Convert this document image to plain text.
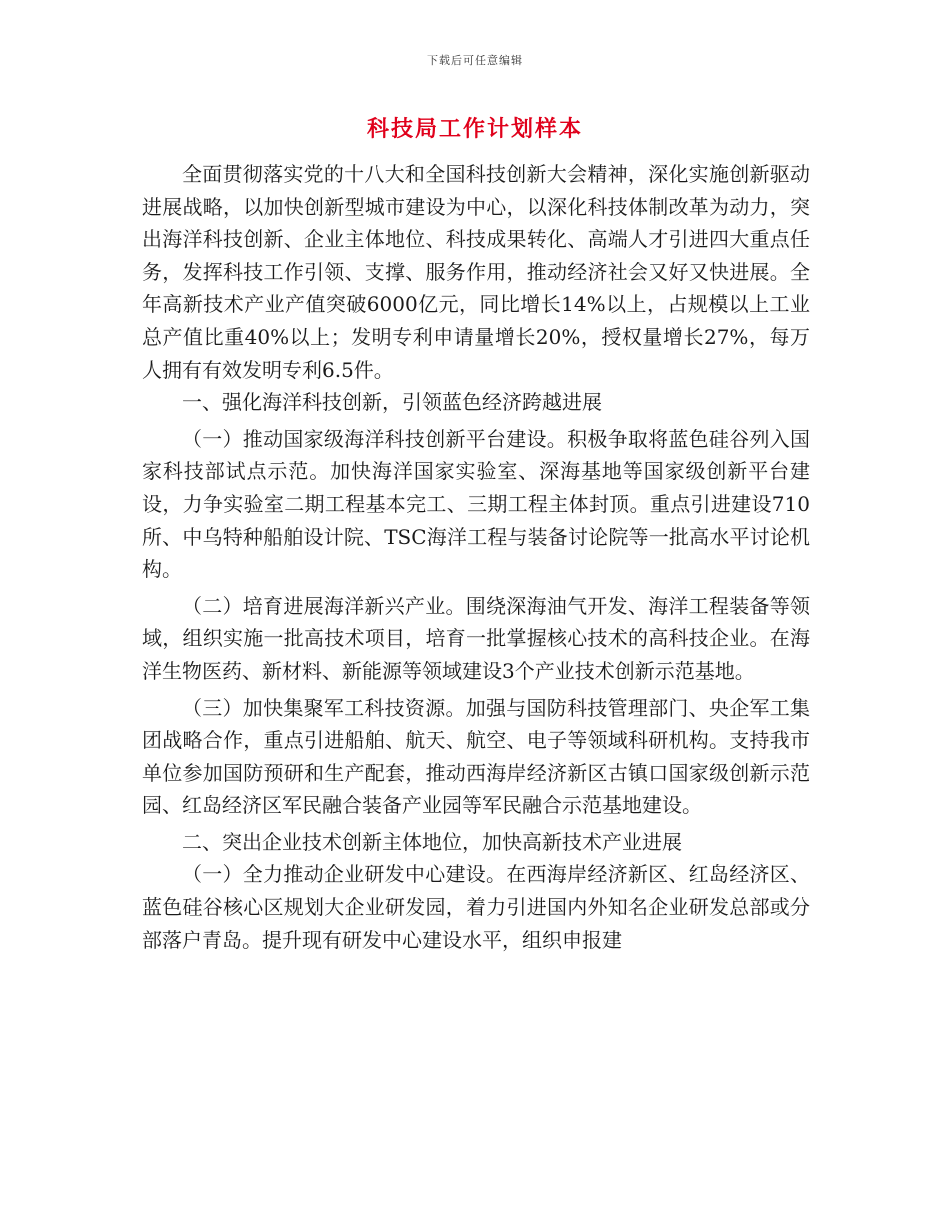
下载后可任意编辑
科技局工作计划样本

全面贯彻落实党的十八大和全国科技创新大会精神，深化实施创新驱动进展战略，以加快创新型城市建设为中心，以深化科技体制改革为动力，突出海洋科技创新、企业主体地位、科技成果转化、高端人才引进四大重点任务，发挥科技工作引领、支撑、服务作用，推动经济社会又好又快进展。全年高新技术产业产值突破6000亿元，同比增长14%以上，占规模以上工业总产值比重40%以上；发明专利申请量增长20%，授权量增长27%，每万人拥有有效发明专利6.5件。

一、强化海洋科技创新，引领蓝色经济跨越进展

（一）推动国家级海洋科技创新平台建设。积极争取将蓝色硅谷列入国家科技部试点示范。加快海洋国家实验室、深海基地等国家级创新平台建设，力争实验室二期工程基本完工、三期工程主体封顶。重点引进建设710所、中乌特种船舶设计院、TSC海洋工程与装备讨论院等一批高水平讨论机构。

（二）培育进展海洋新兴产业。围绕深海油气开发、海洋工程装备等领域，组织实施一批高技术项目，培育一批掌握核心技术的高科技企业。在海洋生物医药、新材料、新能源等领域建设3个产业技术创新示范基地。

（三）加快集聚军工科技资源。加强与国防科技管理部门、央企军工集团战略合作，重点引进船舶、航天、航空、电子等领域科研机构。支持我市单位参加国防预研和生产配套，推动西海岸经济新区古镇口国家级创新示范园、红岛经济区军民融合装备产业园等军民融合示范基地建设。

二、突出企业技术创新主体地位，加快高新技术产业进展

（一）全力推动企业研发中心建设。在西海岸经济新区、红岛经济区、蓝色硅谷核心区规划大企业研发园，着力引进国内外知名企业研发总部或分部落户青岛。提升现有研发中心建设水平，组织申报建
